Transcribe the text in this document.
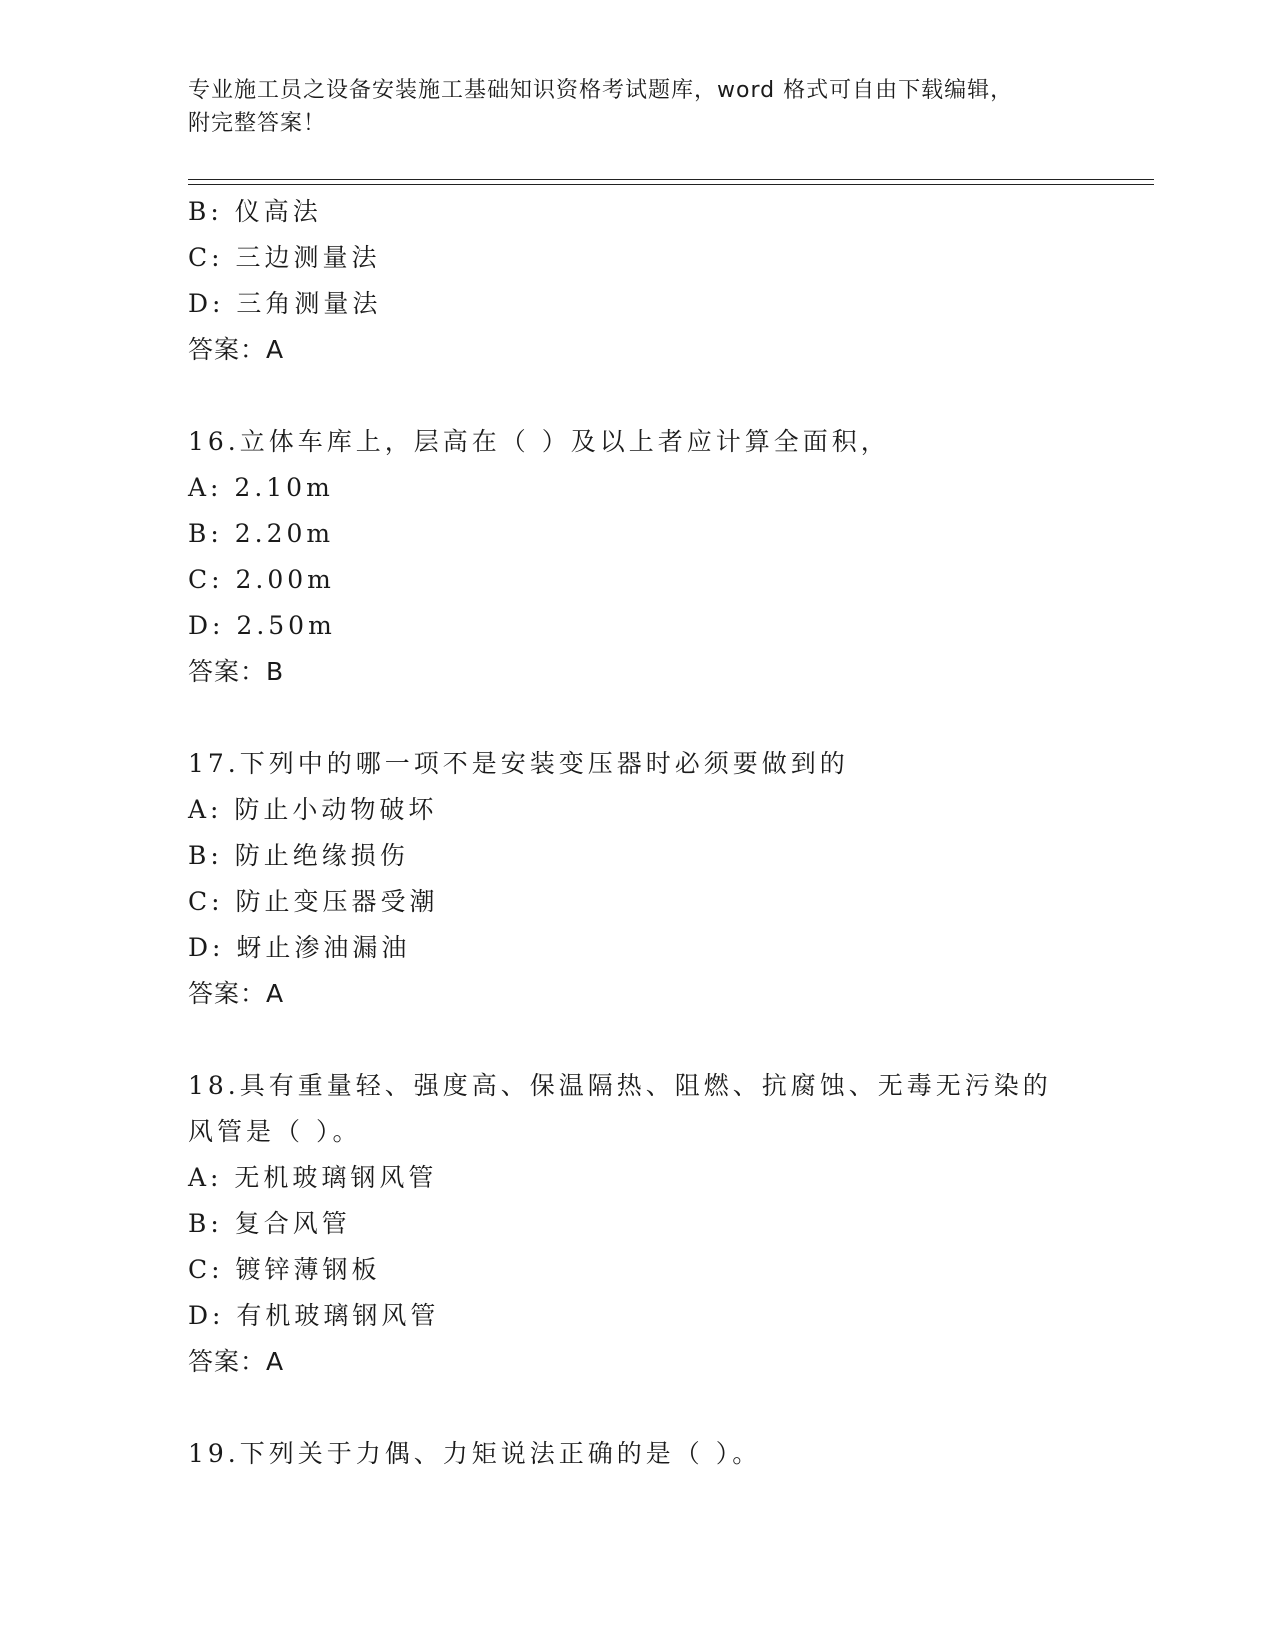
专业施工员之设备安装施工基础知识资格考试题库，word 格式可自由下载编辑，
附完整答案！
B: 仪高法
C: 三边测量法
D: 三角测量法
答案：A
16.立体车库上，层高在（ ）及以上者应计算全面积，
A: 2.10m
B: 2.20m
C: 2.00m
D: 2.50m
答案：B
17.下列中的哪一项不是安装变压器时必须要做到的
A: 防止小动物破坏
B: 防止绝缘损伤
C: 防止变压器受潮
D: 蚜止渗油漏油
答案：A
18.具有重量轻、强度高、保温隔热、阻燃、抗腐蚀、无毒无污染的风管是（ ）。
A: 无机玻璃钢风管
B: 复合风管
C: 镀锌薄钢板
D: 有机玻璃钢风管
答案：A
19.下列关于力偶、力矩说法正确的是（ ）。
